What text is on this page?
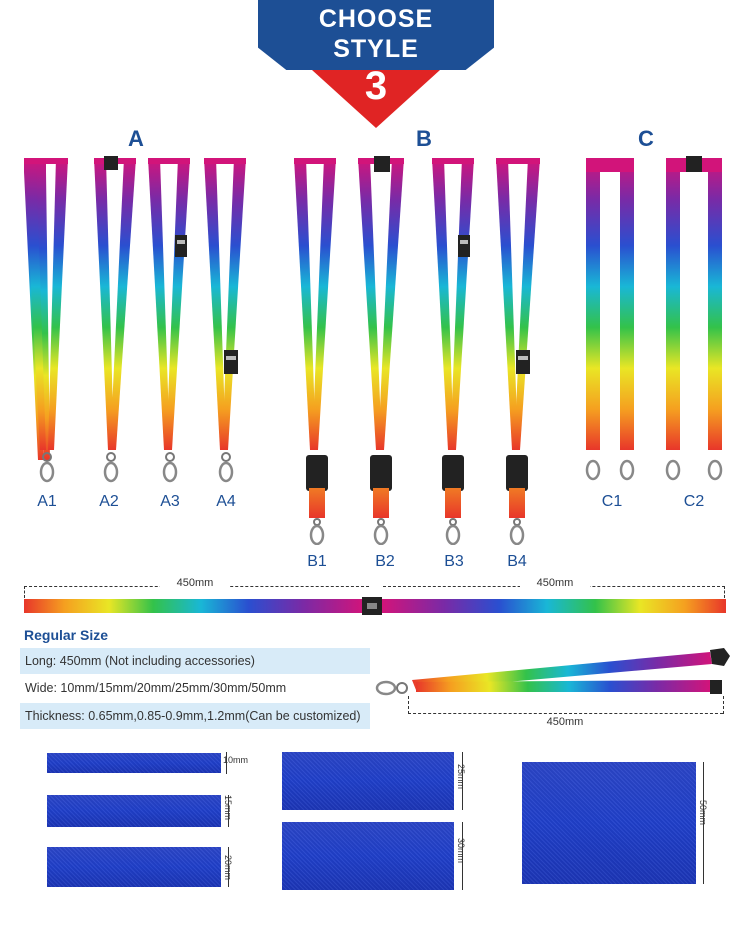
CHOOSE
STYLE
3
A	B	C
A1	A2	A3	A4
B1	B2	B3	B4
C1	C2
450mm	450mm
Regular Size
Long: 450mm (Not including accessories)
Wide: 10mm/15mm/20mm/25mm/30mm/50mm
Thickness: 0.65mm,0.85-0.9mm,1.2mm(Can be customized)	450mm
10mm
15mm
20mm
25mm
30mm
50mm
